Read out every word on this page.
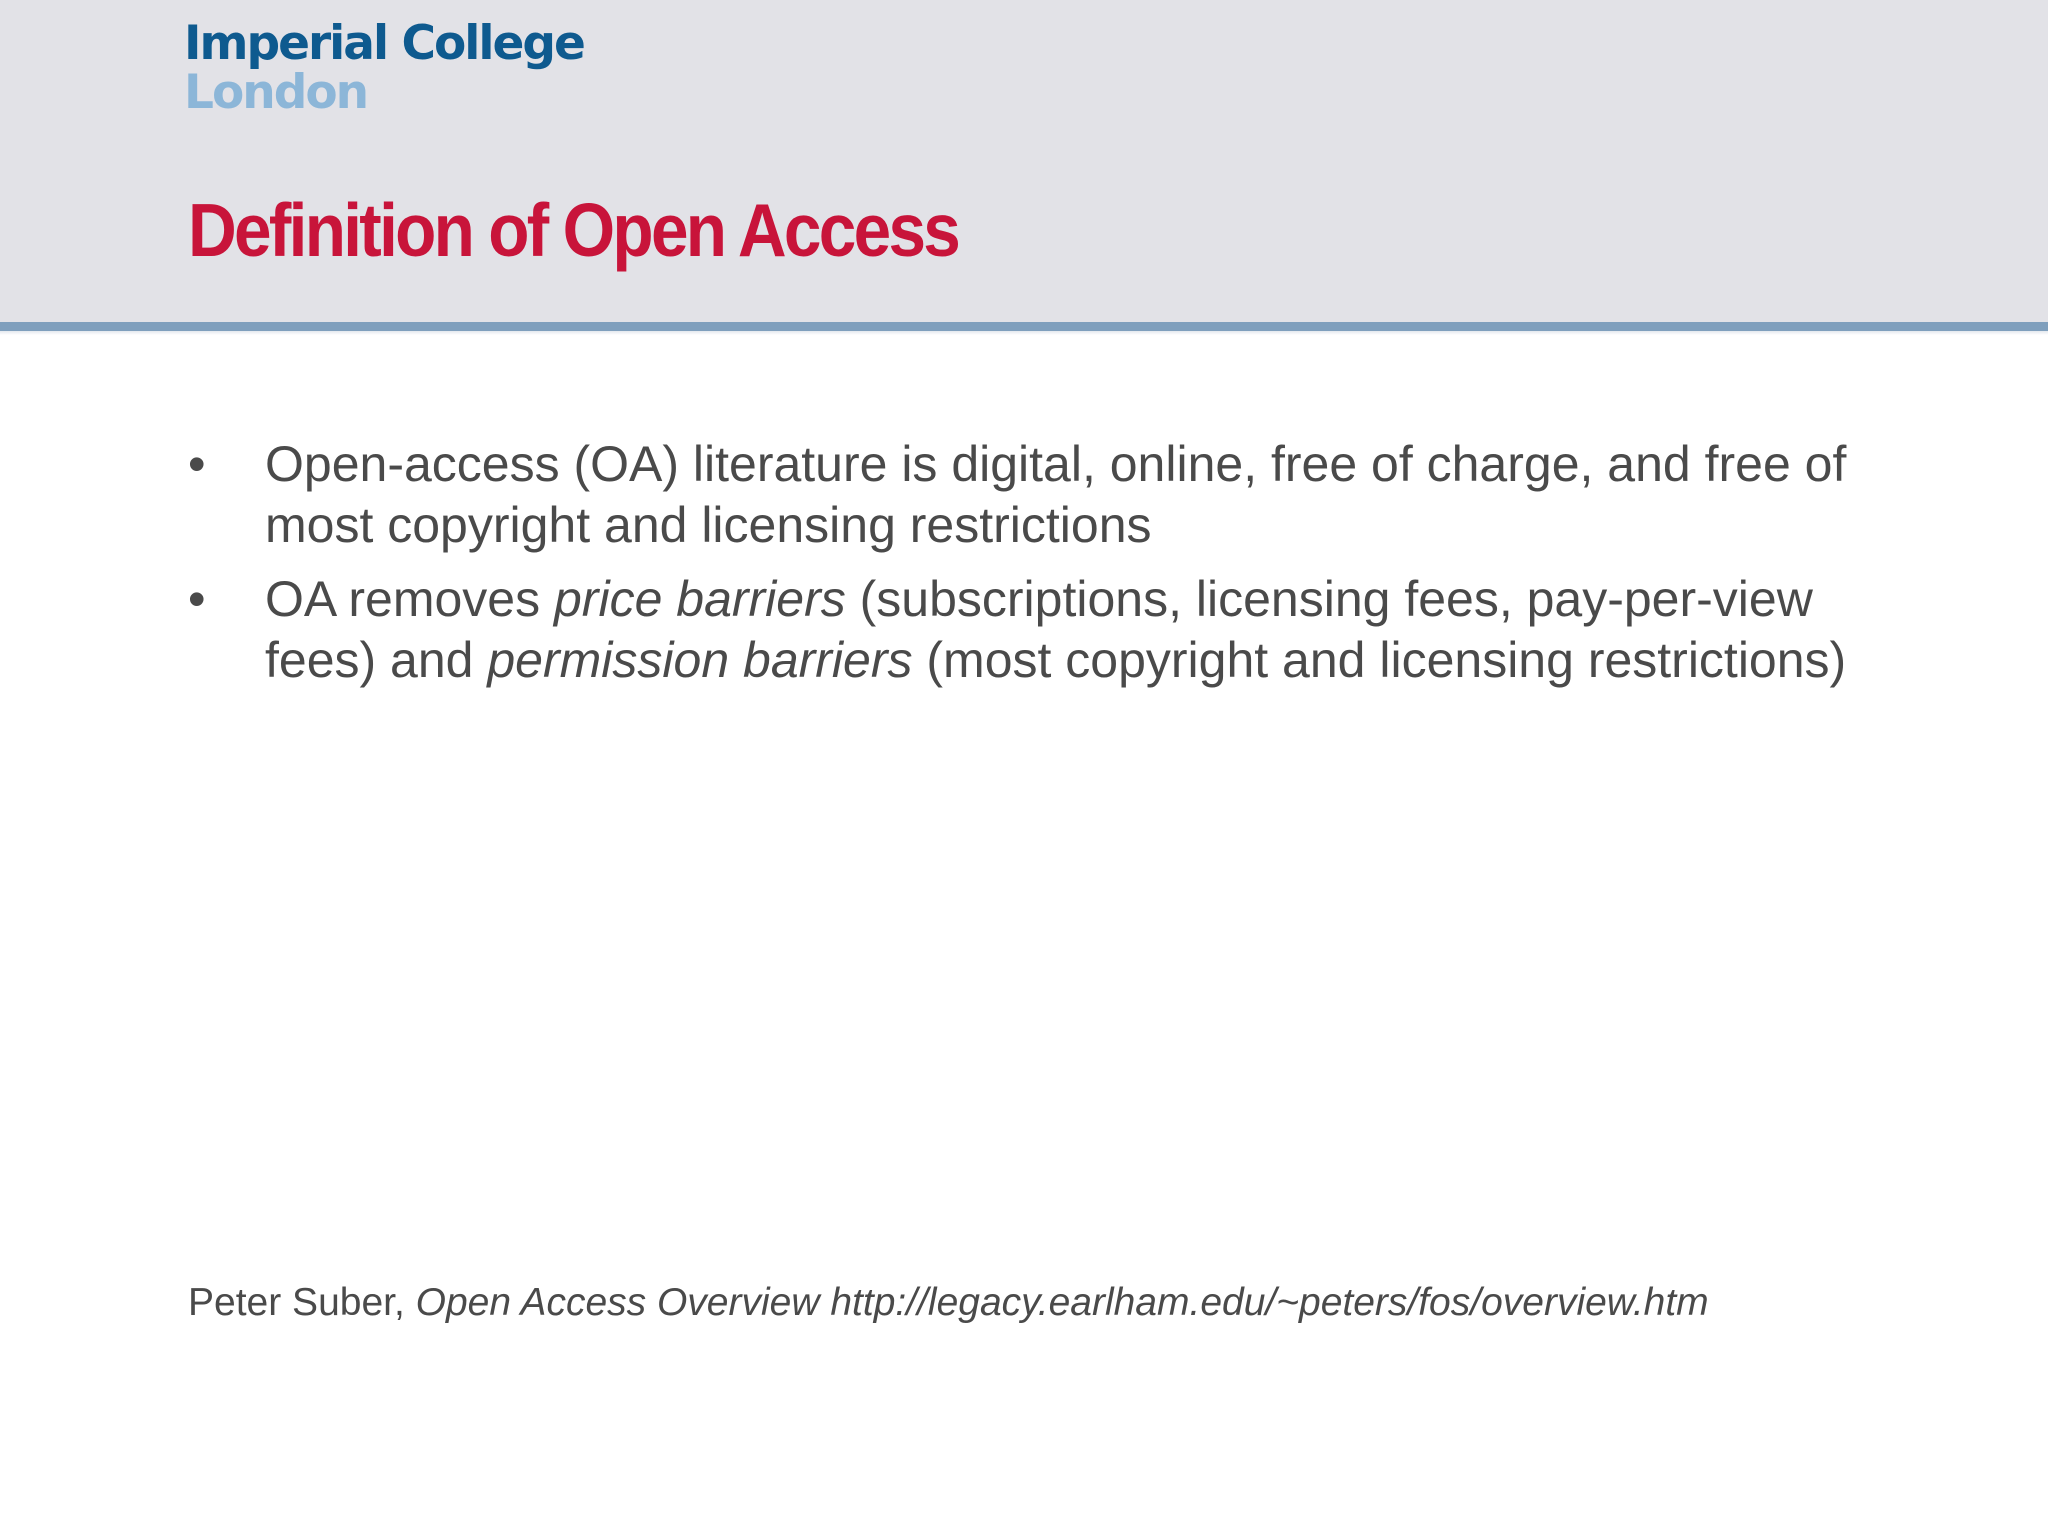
Imperial College
London
Definition of Open Access
• Open-access (OA) literature is digital, online, free of charge, and free of most copyright and licensing restrictions
• OA removes price barriers (subscriptions, licensing fees, pay-per-view fees) and permission barriers (most copyright and licensing restrictions)

Peter Suber, Open Access Overview http://legacy.earlham.edu/~peters/fos/overview.htm
